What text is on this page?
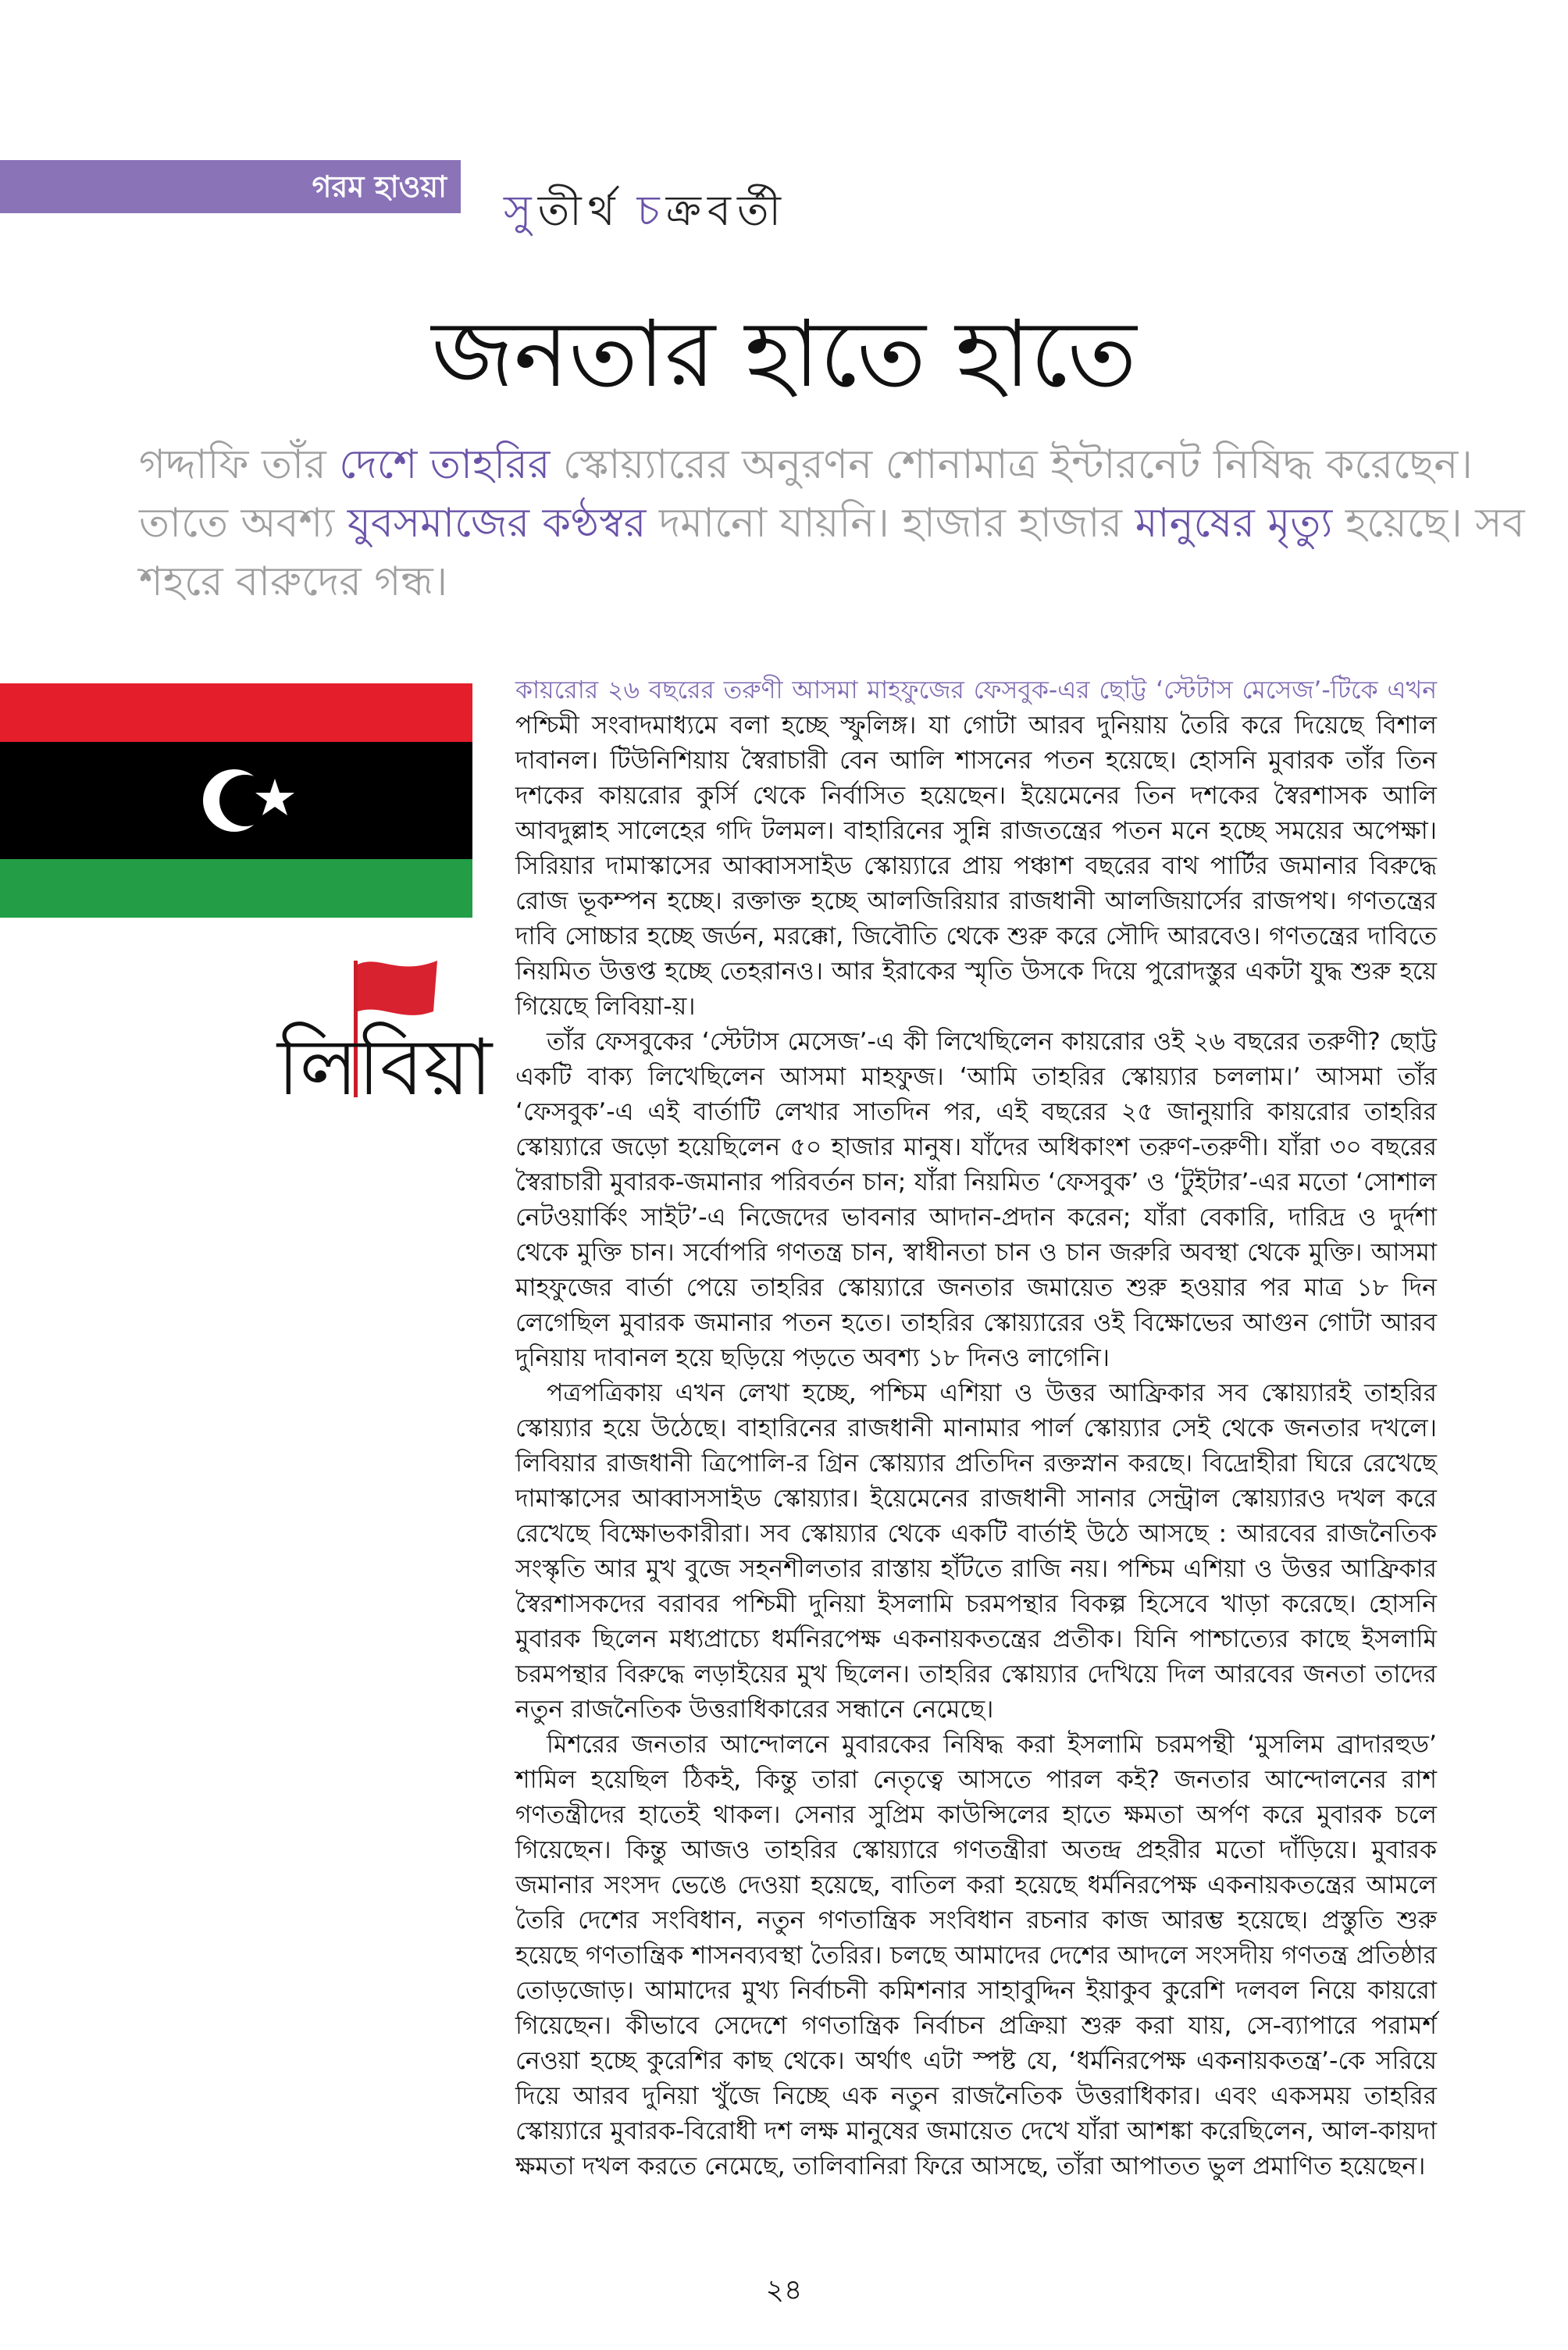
গরম হাওয়া	সুতীর্থ চক্রবর্তী
জনতার হাতে হাতে

গদ্দাফি তাঁর দেশে তাহরির স্কোয়্যারের অনুরণন শোনামাত্র ইন্টারনেট নিষিদ্ধ করেছেন। তাতে অবশ্য যুবসমাজের কণ্ঠস্বর দমানো যায়নি। হাজার হাজার মানুষের মৃত্যু হয়েছে। সব শহরে বারুদের গন্ধ।

লিবিয়া

কায়রোর ২৬ বছরের তরুণী আসমা মাহফুজের ফেসবুক-এর ছোট্ট ‘স্টেটাস মেসেজ’-টিকে এখন পশ্চিমী সংবাদমাধ্যমে বলা হচ্ছে স্ফুলিঙ্গ। যা গোটা আরব দুনিয়ায় তৈরি করে দিয়েছে বিশাল দাবানল। টিউনিশিয়ায় স্বৈরাচারী বেন আলি শাসনের পতন হয়েছে। হোসনি মুবারক তাঁর তিন দশকের কায়রোর কুর্সি থেকে নির্বাসিত হয়েছেন। ইয়েমেনের তিন দশকের স্বৈরশাসক আলি আবদুল্লাহ সালেহের গদি টলমল। বাহারিনের সুন্নি রাজতন্ত্রের পতন মনে হচ্ছে সময়ের অপেক্ষা। সিরিয়ার দামাস্কাসের আব্বাসসাইড স্কোয়্যারে প্রায় পঞ্চাশ বছরের বাথ পার্টির জমানার বিরুদ্ধে রোজ ভূকম্পন হচ্ছে। রক্তাক্ত হচ্ছে আলজিরিয়ার রাজধানী আলজিয়ার্সের রাজপথ। গণতন্ত্রের দাবি সোচ্চার হচ্ছে জর্ডন, মরক্কো, জিবৌতি থেকে শুরু করে সৌদি আরবেও। গণতন্ত্রের দাবিতে নিয়মিত উত্তপ্ত হচ্ছে তেহরানও। আর ইরাকের স্মৃতি উসকে দিয়ে পুরোদস্তুর একটা যুদ্ধ শুরু হয়ে গিয়েছে লিবিয়া-য়।

তাঁর ফেসবুকের ‘স্টেটাস মেসেজ’-এ কী লিখেছিলেন কায়রোর ওই ২৬ বছরের তরুণী? ছোট্ট একটি বাক্য লিখেছিলেন আসমা মাহফুজ। ‘আমি তাহরির স্কোয়্যার চললাম।’ আসমা তাঁর ‘ফেসবুক’-এ এই বার্তাটি লেখার সাতদিন পর, এই বছরের ২৫ জানুয়ারি কায়রোর তাহরির স্কোয়্যারে জড়ো হয়েছিলেন ৫০ হাজার মানুষ। যাঁদের অধিকাংশ তরুণ-তরুণী। যাঁরা ৩০ বছরের স্বৈরাচারী মুবারক-জমানার পরিবর্তন চান; যাঁরা নিয়মিত ‘ফেসবুক’ ও ‘টুইটার’-এর মতো ‘সোশাল নেটওয়ার্কিং সাইট’-এ নিজেদের ভাবনার আদান-প্রদান করেন; যাঁরা বেকারি, দারিদ্র ও দুর্দশা থেকে মুক্তি চান। সর্বোপরি গণতন্ত্র চান, স্বাধীনতা চান ও চান জরুরি অবস্থা থেকে মুক্তি। আসমা মাহফুজের বার্তা পেয়ে তাহরির স্কোয়্যারে জনতার জমায়েত শুরু হওয়ার পর মাত্র ১৮ দিন লেগেছিল মুবারক জমানার পতন হতে। তাহরির স্কোয়্যারের ওই বিক্ষোভের আগুন গোটা আরব দুনিয়ায় দাবানল হয়ে ছড়িয়ে পড়তে অবশ্য ১৮ দিনও লাগেনি।

পত্রপত্রিকায় এখন লেখা হচ্ছে, পশ্চিম এশিয়া ও উত্তর আফ্রিকার সব স্কোয়্যারই তাহরির স্কোয়্যার হয়ে উঠেছে। বাহারিনের রাজধানী মানামার পার্ল স্কোয়্যার সেই থেকে জনতার দখলে। লিবিয়ার রাজধানী ত্রিপোলি-র গ্রিন স্কোয়্যার প্রতিদিন রক্তস্নান করছে। বিদ্রোহীরা ঘিরে রেখেছে দামাস্কাসের আব্বাসসাইড স্কোয়্যার। ইয়েমেনের রাজধানী সানার সেন্ট্রাল স্কোয়্যারও দখল করে রেখেছে বিক্ষোভকারীরা। সব স্কোয়্যার থেকে একটি বার্তাই উঠে আসছে : আরবের রাজনৈতিক সংস্কৃতি আর মুখ বুজে সহনশীলতার রাস্তায় হাঁটতে রাজি নয়। পশ্চিম এশিয়া ও উত্তর আফ্রিকার স্বৈরশাসকদের বরাবর পশ্চিমী দুনিয়া ইসলামি চরমপন্থার বিকল্প হিসেবে খাড়া করেছে। হোসনি মুবারক ছিলেন মধ্যপ্রাচ্যে ধর্মনিরপেক্ষ একনায়কতন্ত্রের প্রতীক। যিনি পাশ্চাত্যের কাছে ইসলামি চরমপন্থার বিরুদ্ধে লড়াইয়ের মুখ ছিলেন। তাহরির স্কোয়্যার দেখিয়ে দিল আরবের জনতা তাদের নতুন রাজনৈতিক উত্তরাধিকারের সন্ধানে নেমেছে।

মিশরের জনতার আন্দোলনে মুবারকের নিষিদ্ধ করা ইসলামি চরমপন্থী ‘মুসলিম ব্রাদারহুড’ শামিল হয়েছিল ঠিকই, কিন্তু তারা নেতৃত্বে আসতে পারল কই? জনতার আন্দোলনের রাশ গণতন্ত্রীদের হাতেই থাকল। সেনার সুপ্রিম কাউন্সিলের হাতে ক্ষমতা অর্পণ করে মুবারক চলে গিয়েছেন। কিন্তু আজও তাহরির স্কোয়্যারে গণতন্ত্রীরা অতন্দ্র প্রহরীর মতো দাঁড়িয়ে। মুবারক জমানার সংসদ ভেঙে দেওয়া হয়েছে, বাতিল করা হয়েছে ধর্মনিরপেক্ষ একনায়কতন্ত্রের আমলে তৈরি দেশের সংবিধান, নতুন গণতান্ত্রিক সংবিধান রচনার কাজ আরম্ভ হয়েছে। প্রস্তুতি শুরু হয়েছে গণতান্ত্রিক শাসনব্যবস্থা তৈরির। চলছে আমাদের দেশের আদলে সংসদীয় গণতন্ত্র প্রতিষ্ঠার তোড়জোড়। আমাদের মুখ্য নির্বাচনী কমিশনার সাহাবুদ্দিন ইয়াকুব কুরেশি দলবল নিয়ে কায়রো গিয়েছেন। কীভাবে সেদেশে গণতান্ত্রিক নির্বাচন প্রক্রিয়া শুরু করা যায়, সে-ব্যাপারে পরামর্শ নেওয়া হচ্ছে কুরেশির কাছ থেকে। অর্থাৎ এটা স্পষ্ট যে, ‘ধর্মনিরপেক্ষ একনায়কতন্ত্র’-কে সরিয়ে দিয়ে আরব দুনিয়া খুঁজে নিচ্ছে এক নতুন রাজনৈতিক উত্তরাধিকার। এবং একসময় তাহরির স্কোয়্যারে মুবারক-বিরোধী দশ লক্ষ মানুষের জমায়েত দেখে যাঁরা আশঙ্কা করেছিলেন, আল-কায়দা ক্ষমতা দখল করতে নেমেছে, তালিবানিরা ফিরে আসছে, তাঁরা আপাতত ভুল প্রমাণিত হয়েছেন।

২৪
